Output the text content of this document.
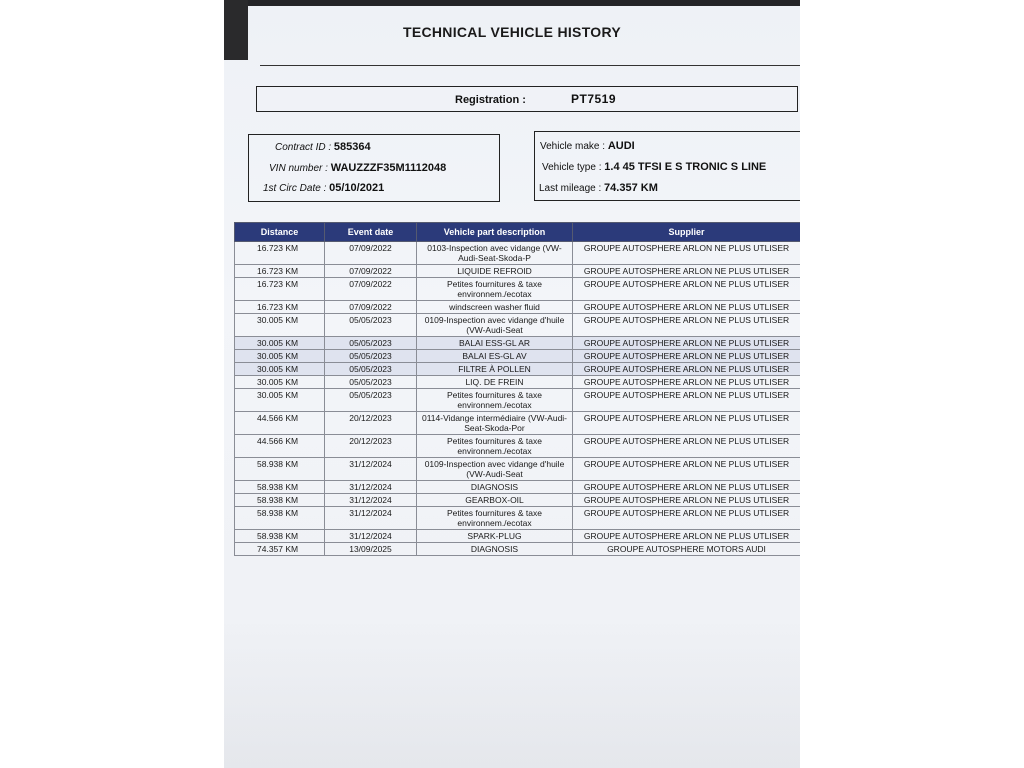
TECHNICAL VEHICLE HISTORY
Registration :	PT7519
Contract ID : 585364
VIN number : WAUZZZF35M1112048
1st Circ Date : 05/10/2021
Vehicle make : AUDI
Vehicle type : 1.4 45 TFSI E S TRONIC S LINE
Last mileage : 74.357 KM
Distance	Event date	Vehicle part description	Supplier
16.723 KM	07/09/2022	0103-Inspection avec vidange (VW-Audi-Seat-Skoda-P	GROUPE AUTOSPHERE ARLON NE PLUS UTLISER
16.723 KM	07/09/2022	LIQUIDE REFROID	GROUPE AUTOSPHERE ARLON NE PLUS UTLISER
16.723 KM	07/09/2022	Petites fournitures & taxe environnem./ecotax	GROUPE AUTOSPHERE ARLON NE PLUS UTLISER
16.723 KM	07/09/2022	windscreen washer fluid	GROUPE AUTOSPHERE ARLON NE PLUS UTLISER
30.005 KM	05/05/2023	0109-Inspection avec vidange d'huile (VW-Audi-Seat	GROUPE AUTOSPHERE ARLON NE PLUS UTLISER
30.005 KM	05/05/2023	BALAI ESS-GL AR	GROUPE AUTOSPHERE ARLON NE PLUS UTLISER
30.005 KM	05/05/2023	BALAI ES-GL AV	GROUPE AUTOSPHERE ARLON NE PLUS UTLISER
30.005 KM	05/05/2023	FILTRE À POLLEN	GROUPE AUTOSPHERE ARLON NE PLUS UTLISER
30.005 KM	05/05/2023	LIQ. DE FREIN	GROUPE AUTOSPHERE ARLON NE PLUS UTLISER
30.005 KM	05/05/2023	Petites fournitures & taxe environnem./ecotax	GROUPE AUTOSPHERE ARLON NE PLUS UTLISER
44.566 KM	20/12/2023	0114-Vidange intermédiaire (VW-Audi-Seat-Skoda-Por	GROUPE AUTOSPHERE ARLON NE PLUS UTLISER
44.566 KM	20/12/2023	Petites fournitures & taxe environnem./ecotax	GROUPE AUTOSPHERE ARLON NE PLUS UTLISER
58.938 KM	31/12/2024	0109-Inspection avec vidange d'huile (VW-Audi-Seat	GROUPE AUTOSPHERE ARLON NE PLUS UTLISER
58.938 KM	31/12/2024	DIAGNOSIS	GROUPE AUTOSPHERE ARLON NE PLUS UTLISER
58.938 KM	31/12/2024	GEARBOX-OIL	GROUPE AUTOSPHERE ARLON NE PLUS UTLISER
58.938 KM	31/12/2024	Petites fournitures & taxe environnem./ecotax	GROUPE AUTOSPHERE ARLON NE PLUS UTLISER
58.938 KM	31/12/2024	SPARK-PLUG	GROUPE AUTOSPHERE ARLON NE PLUS UTLISER
74.357 KM	13/09/2025	DIAGNOSIS	GROUPE AUTOSPHERE MOTORS AUDI
